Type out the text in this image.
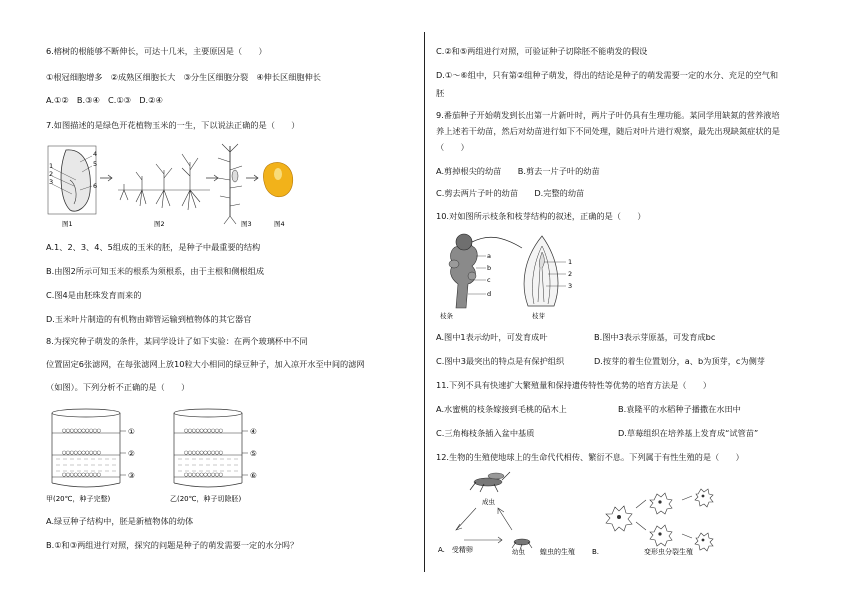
6.榕树的根能够不断伸长，可达十几米，主要原因是（　　）
①根冠细胞增多　②成熟区细胞长大　③分生区细胞分裂　④伸长区细胞伸长
A.①②　B.③④　C.①③　D.②④
7.如图描述的是绿色开花植物玉米的一生，下以说法正确的是（　　）
1
2
3
4
5
6
图1	图2	图3	图4
A.1、2、3、4、5组成的玉米的胚，是种子中最重要的结构
B.由图2所示可知玉米的根系为须根系，由于主根和侧根组成
C.图4是由胚珠发育而来的
D.玉米叶片制造的有机物由筛管运输到植物体的其它器官
8.为探究种子萌发的条件，某同学设计了如下实验：在两个玻璃杯中不同
位置固定6张滤网，在每张滤网上放10粒大小相同的绿豆种子，加入凉开水至中间的滤网
（如图）。下列分析不正确的是（　　）
○○○○○○○○○○
○○○○○○○○○○
○○○○○○○○○○
①
②
③
甲(20℃，种子完整)
○○○○○○○○○○
○○○○○○○○○○
○○○○○○○○○○
④
⑤
⑥
乙(20℃，种子切除胚)
A.绿豆种子结构中，胚是新植物体的幼体
B.①和③两组进行对照，探究的问题是种子的萌发需要一定的水分吗？
C.②和⑤两组进行对照，可验证种子切除胚不能萌发的假设
D.①～⑥组中，只有第②组种子萌发，得出的结论是种子的萌发需要一定的水分、充足的空气和
胚
9.番茄种子开始萌发到长出第一片新叶时，两片子叶仍具有生理功能。某同学用缺氮的营养液培
养上述若干幼苗，然后对幼苗进行如下不同处理，随后对叶片进行观察，最先出现缺氮症状的是
（　　）
A.剪掉根尖的幼苗　　B.剪去一片子叶的幼苗
C.剪去两片子叶的幼苗　　D.完整的幼苗
10.对如图所示枝条和枝芽结构的叙述，正确的是（　　）
a
b
c
d
枝条
1
2
3
枝芽
A.图中1表示幼叶，可发育成叶	B.图中3表示芽原基，可发育成bc
C.图中3最突出的特点是有保护组织	D.按芽的着生位置划分，a、b为顶芽，c为侧芽
11.下列不具有快速扩大繁殖量和保持遗传特性等优势的培育方法是（　　）
A.水蜜桃的枝条嫁接到毛桃的砧木上	B.袁隆平的水稻种子播撒在水田中
C.三角梅枝条插入盆中基质	D.草莓组织在培养基上发育成“试管苗”
12.生物的生殖使地球上的生命代代相传、繁衍不息。下列属于有性生殖的是（　　）
成虫
A.　受精卵	幼虫 蝗虫的生殖 B.	变形虫分裂生殖
